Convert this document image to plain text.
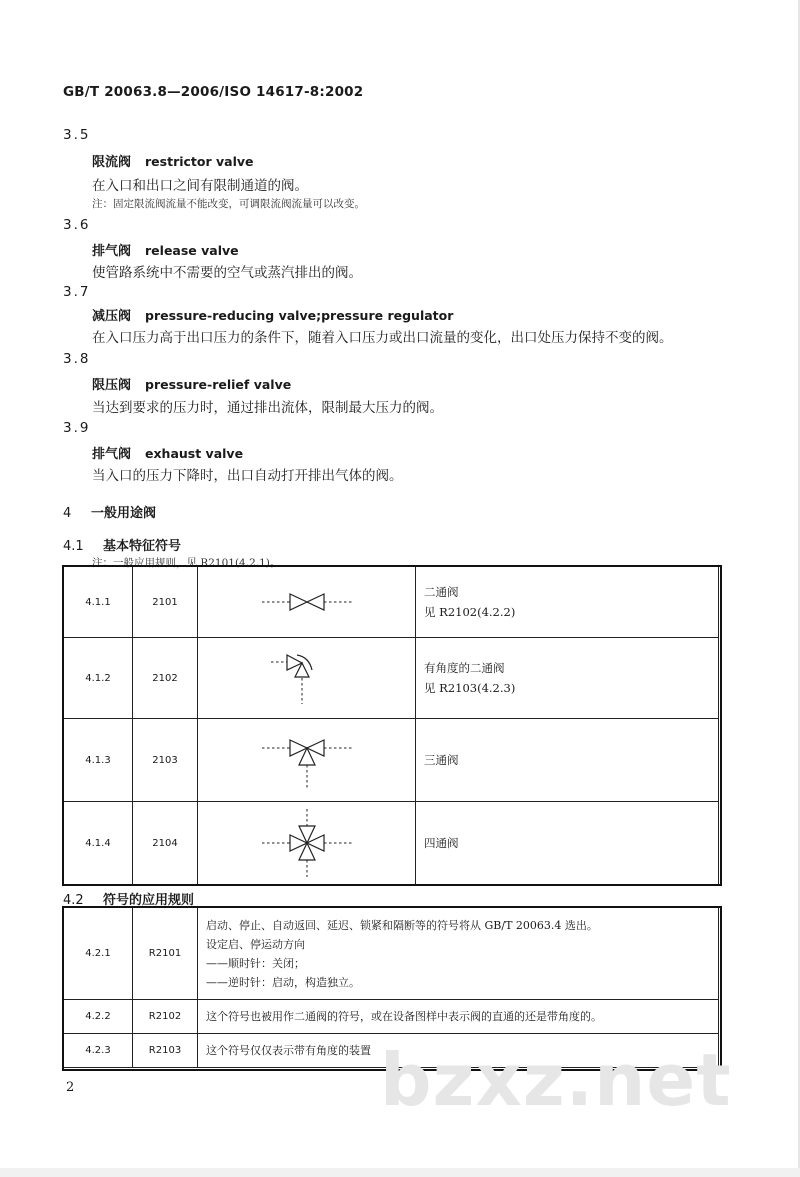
GB/T 20063.8—2006/ISO 14617-8:2002
3.5
限流阀 restrictor valve
在入口和出口之间有限制通道的阀。
注：固定限流阀流量不能改变，可调限流阀流量可以改变。
3.6
排气阀 release valve
使管路系统中不需要的空气或蒸汽排出的阀。
3.7
减压阀 pressure-reducing valve;pressure regulator
在入口压力高于出口压力的条件下，随着入口压力或出口流量的变化，出口处压力保持不变的阀。
3.8
限压阀 pressure-relief valve
当达到要求的压力时，通过排出流体，限制最大压力的阀。
3.9
排气阀 exhaust valve
当入口的压力下降时，出口自动打开排出气体的阀。
4 一般用途阀
4.1 基本特征符号
注：一般应用规则，见 R2101(4.2.1)。
4.1.1	2101		二通阀
见 R2102(4.2.2)

4.1.2	2102		有角度的二通阀
见 R2103(4.2.3)

4.1.3	2103		三通阀

4.1.4	2104		四通阀
4.2 符号的应用规则
4.2.1	R2101	启动、停止、自动返回、延迟、锁紧和隔断等的符号将从 GB/T 20063.4 选出。
设定启、停运动方向
——顺时针：关闭；
——逆时针：启动，构造独立。

4.2.2	R2102	这个符号也被用作二通阀的符号，或在设备图样中表示阀的直通的还是带角度的。

4.2.3	R2103	这个符号仅仅表示带有角度的装置 bzxz.net
2
